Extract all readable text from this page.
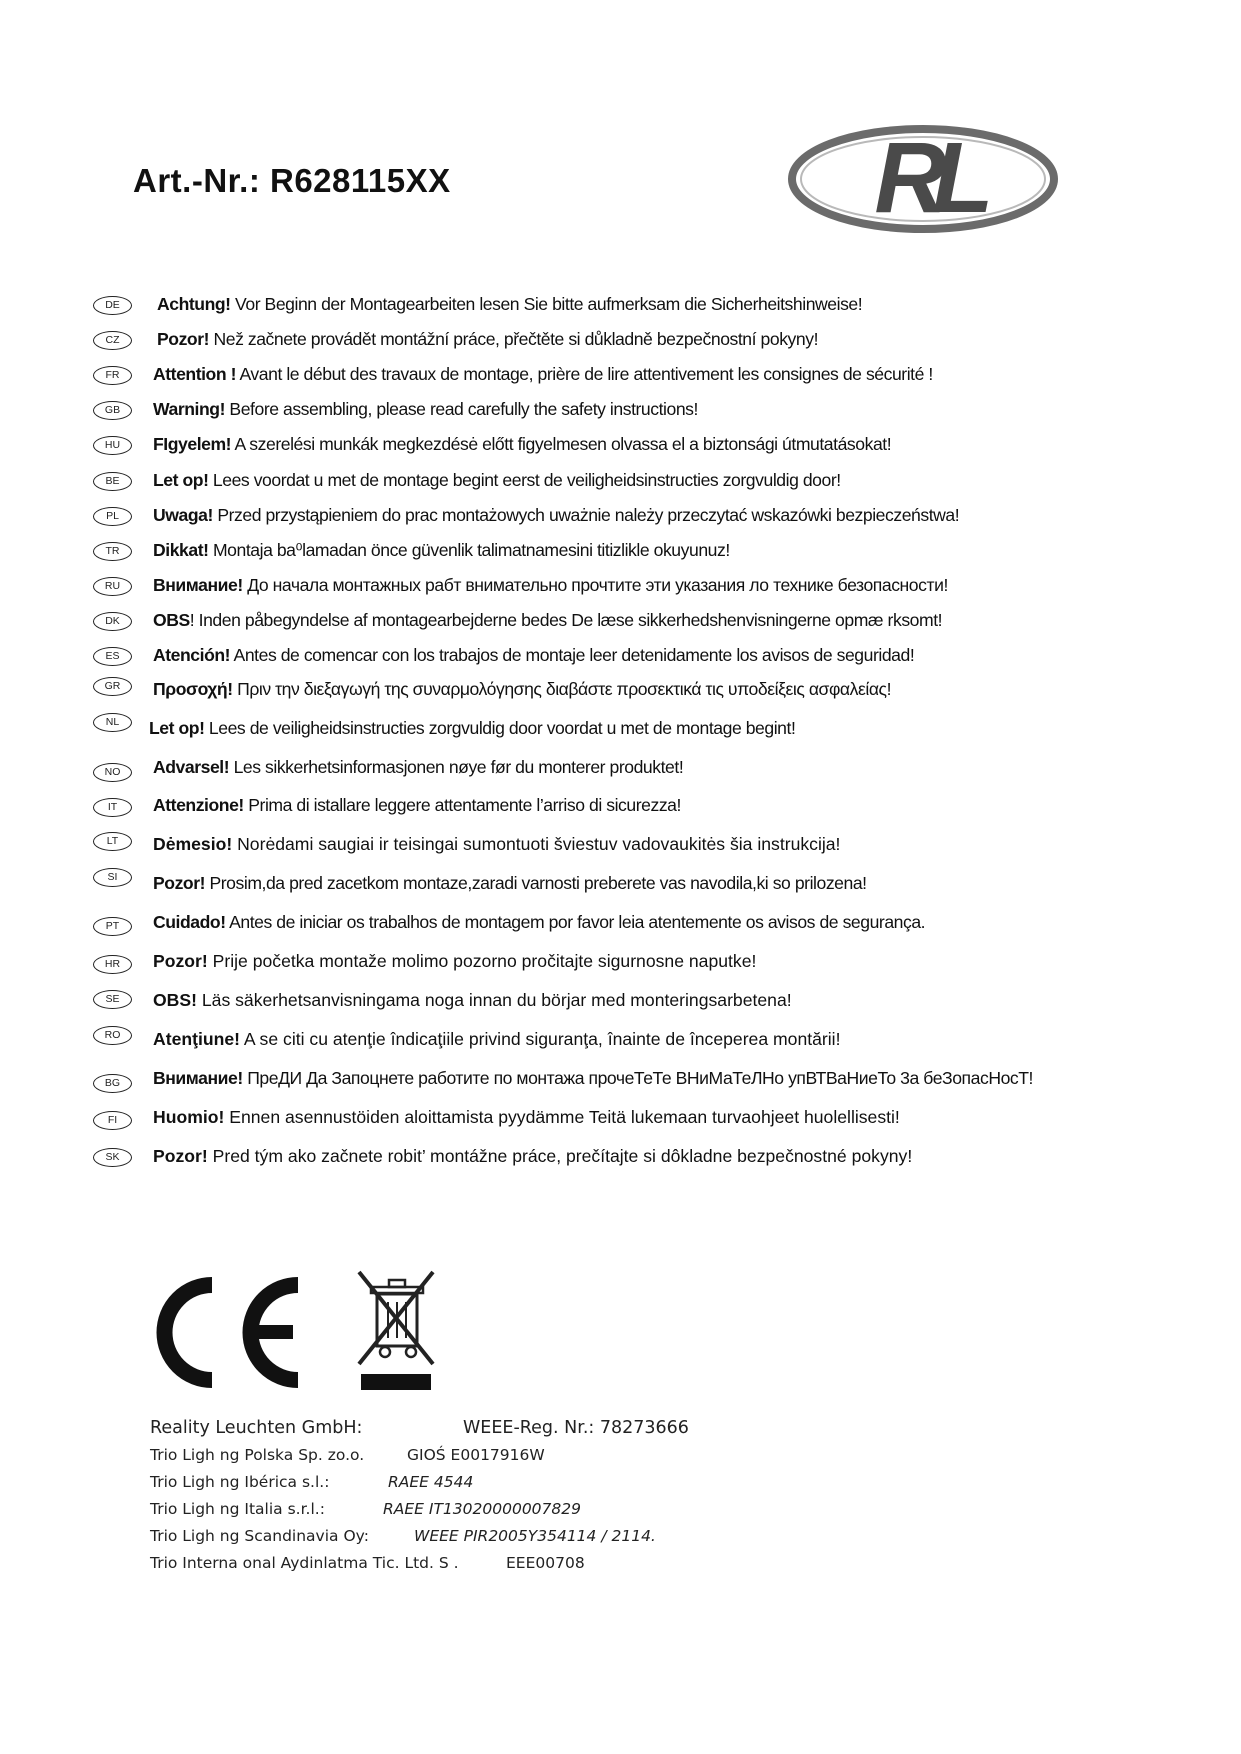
Art.-Nr.: R628115XX	RL
DE	Achtung! Vor Beginn der Montagearbeiten lesen Sie bitte aufmerksam die Sicherheitshinweise!
CZ	Pozor! Než začnete provádět montážní práce, přečtěte si důkladně bezpečnostní pokyny!
FR	Attention ! Avant le début des travaux de montage, prière de lire attentivement les consignes de sécurité !
GB	Warning! Before assembling, please read carefully the safety instructions!
HU	FIgyelem! A szerelési munkák megkezdésė előtt figyelmesen olvassa el a biztonsági útmutatásokat!
BE	Let op! Lees voordat u met de montage begint eerst de veiligheidsinstructies zorgvuldig door!
PL	Uwaga! Przed przystąpieniem do prac montażowych uważnie należy przeczytać wskazówki bezpieczeństwa!
TR	Dikkat! Montaja ba⁰lamadan önce güvenlik talimatnamesini titizlikle okuyunuz!
RU	Внимание! До начала монтажных рабт внимательно прочтите эти указания ло технике безопасности!
DK	OBS! Inden påbegyndelse af montagearbejderne bedes De læse sikkerhedshenvisningerne opmæ rksomt!
ES	Atención! Antes de comencar con los trabajos de montaje leer detenidamente los avisos de seguridad!
GR	Προσοχή! Πριν την διεξαγωγή της συναρμολόγησης διαβάστε προσεκτικά τις υποδείξεις ασφαλείας!
NL	Let op! Lees de veiligheidsinstructies zorgvuldig door voordat u met de montage begint!
NO	Advarsel! Les sikkerhetsinformasjonen nøye før du monterer produktet!
IT	Attenzione! Prima di istallare leggere attentamente l’arriso di sicurezza!
LT	Dėmesio! Norėdami saugiai ir teisingai sumontuoti šviestuv vadovaukitės šia instrukcija!
SI	Pozor! Prosim,da pred zacetkom montaze,zaradi varnosti preberete vas navodila,ki so prilozena!
PT	Cuidado! Antes de iniciar os trabalhos de montagem por favor leia atentemente os avisos de segurança.
HR	Pozor! Prije početka montaže molimo pozorno pročitajte sigurnosne naputke!
SE	OBS! Läs säkerhetsanvisningama noga innan du börjar med monteringsarbetena!
RO	Atenţiune! A se citi cu atenţie îndicaţiile privind siguranţa, înainte de începerea montării!
BG	Внимание! ПреДИ Да Запоцнете работите по монтажа прочеТеТе ВНиМаТеЛНо упВТВаНиеТо 3а беЗопасНосТ!
FI	Huomio! Ennen asennustöiden aloittamista pyydämme Teitä lukemaan turvaohjeet huolellisesti!
SK	Pozor! Pred tým ako začnete robit’ montážne práce, prečítajte si dôkladne bezpečnostné pokyny!
Reality Leuchten GmbH:	WEEE-Reg. Nr.: 78273666
Trio Ligh ng Polska Sp. zo.o.	GIOŚ E0017916W
Trio Ligh ng Ibérica s.l.:	RAEE 4544
Trio Ligh ng Italia s.r.l.:	RAEE IT13020000007829
Trio Ligh ng Scandinavia Oy:	WEEE PIR2005Y354114 / 2114.
Trio Interna onal Aydinlatma Tic. Ltd. S .	EEE00708
